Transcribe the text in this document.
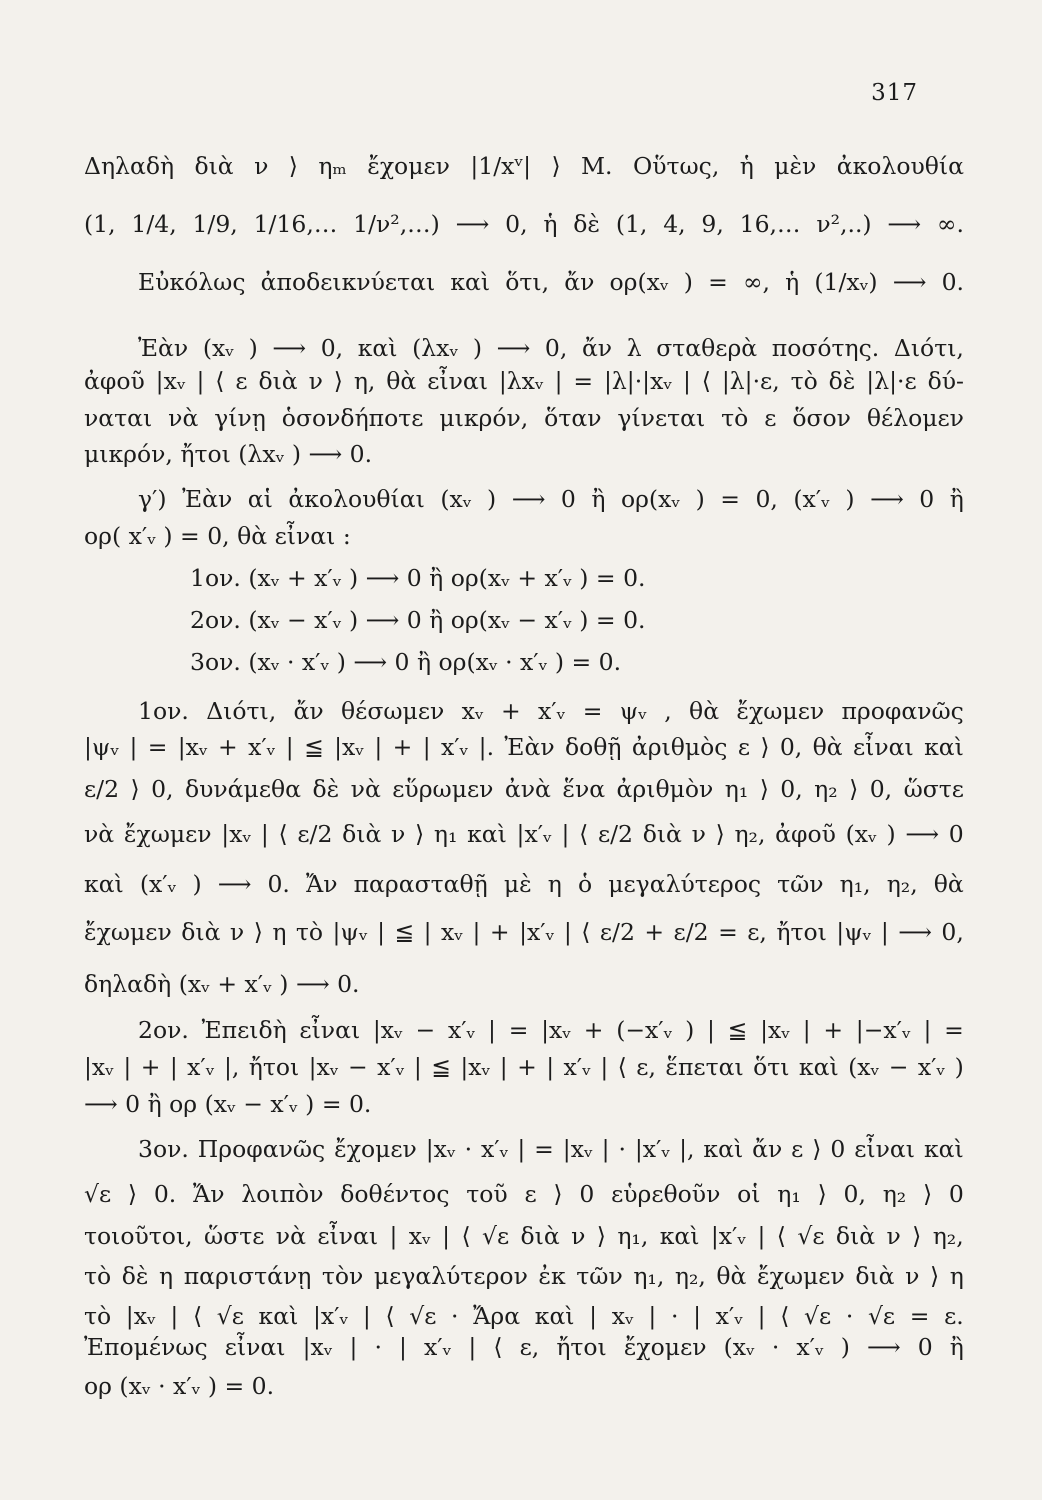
317
Δηλαδὴ διὰ ν ⟩ ηₘ ἔχομεν |1/xᵛ| ⟩ Μ. Οὕτως, ἡ μὲν ἀκολουθία
(1, 1/4, 1/9, 1/16,… 1/ν²,…) ⟶ 0, ἡ δὲ (1, 4, 9, 16,… ν²,..) ⟶ ∞.
Εὐκόλως ἀποδεικνύεται καὶ ὅτι, ἄν ορ(xᵥ ) = ∞, ἡ (1/xᵥ) ⟶ 0.
Ἐὰν (xᵥ ) ⟶ 0, καὶ (λxᵥ ) ⟶ 0, ἄν λ σταθερὰ ποσότης. Διότι,
ἀφοῦ |xᵥ | ⟨ ε διὰ ν ⟩ η, θὰ εἶναι |λxᵥ | = |λ|·|xᵥ | ⟨ |λ|·ε, τὸ δὲ |λ|·ε δύ-
ναται νὰ γίνῃ ὁσονδήποτε μικρόν, ὅταν γίνεται τὸ ε ὅσον θέλομεν
μικρόν, ἤτοι (λxᵥ ) ⟶ 0.
γ′) Ἐὰν αἱ ἀκολουθίαι (xᵥ ) ⟶ 0 ἢ ορ(xᵥ ) = 0, (x′ᵥ ) ⟶ 0 ἢ
ορ( x′ᵥ ) = 0, θὰ εἶναι :
1ον. (xᵥ + x′ᵥ ) ⟶ 0 ἢ ορ(xᵥ + x′ᵥ ) = 0.
2ον. (xᵥ − x′ᵥ ) ⟶ 0 ἢ ορ(xᵥ − x′ᵥ ) = 0.
3ον. (xᵥ · x′ᵥ ) ⟶ 0 ἢ ορ(xᵥ · x′ᵥ ) = 0.
1ον. Διότι, ἄν θέσωμεν xᵥ + x′ᵥ = ψᵥ , θὰ ἔχωμεν προφανῶς
|ψᵥ | = |xᵥ + x′ᵥ | ≦ |xᵥ | + | x′ᵥ |. Ἐὰν δοθῇ ἀριθμὸς ε ⟩ 0, θὰ εἶναι καὶ
ε/2 ⟩ 0, δυνάμεθα δὲ νὰ εὕρωμεν ἀνὰ ἕνα ἀριθμὸν η₁ ⟩ 0, η₂ ⟩ 0, ὥστε
νὰ ἔχωμεν |xᵥ | ⟨ ε/2 διὰ ν ⟩ η₁ καὶ |x′ᵥ | ⟨ ε/2 διὰ ν ⟩ η₂, ἀφοῦ (xᵥ ) ⟶ 0
καὶ (x′ᵥ ) ⟶ 0. Ἄν παρασταθῇ μὲ η ὁ μεγαλύτερος τῶν η₁, η₂, θὰ
ἔχωμεν διὰ ν ⟩ η τὸ |ψᵥ | ≦ | xᵥ | + |x′ᵥ | ⟨ ε/2 + ε/2 = ε, ἤτοι |ψᵥ | ⟶ 0,
δηλαδὴ (xᵥ + x′ᵥ ) ⟶ 0.
2ον. Ἐπειδὴ εἶναι |xᵥ − x′ᵥ | = |xᵥ + (−x′ᵥ ) | ≦ |xᵥ | + |−x′ᵥ | =
|xᵥ | + | x′ᵥ |, ἤτοι |xᵥ − x′ᵥ | ≦ |xᵥ | + | x′ᵥ | ⟨ ε, ἕπεται ὅτι καὶ (xᵥ − x′ᵥ )
⟶ 0 ἢ ορ (xᵥ − x′ᵥ ) = 0.
3ον. Προφανῶς ἔχομεν |xᵥ · x′ᵥ | = |xᵥ | · |x′ᵥ |, καὶ ἄν ε ⟩ 0 εἶναι καὶ
√ε ⟩ 0. Ἄν λοιπὸν δοθέντος τοῦ ε ⟩ 0 εὑρεθοῦν οἱ η₁ ⟩ 0, η₂ ⟩ 0
τοιοῦτοι, ὥστε νὰ εἶναι | xᵥ | ⟨ √ε διὰ ν ⟩ η₁, καὶ |x′ᵥ | ⟨ √ε διὰ ν ⟩ η₂,
τὸ δὲ η παριστάνῃ τὸν μεγαλύτερον ἐκ τῶν η₁, η₂, θὰ ἔχωμεν διὰ ν ⟩ η
τὸ |xᵥ | ⟨ √ε καὶ |x′ᵥ | ⟨ √ε · Ἄρα καὶ | xᵥ | · | x′ᵥ | ⟨ √ε · √ε = ε.
Ἐπομένως εἶναι |xᵥ | · | x′ᵥ | ⟨ ε, ἤτοι ἔχομεν (xᵥ · x′ᵥ ) ⟶ 0 ἢ
ορ (xᵥ · x′ᵥ ) = 0.
